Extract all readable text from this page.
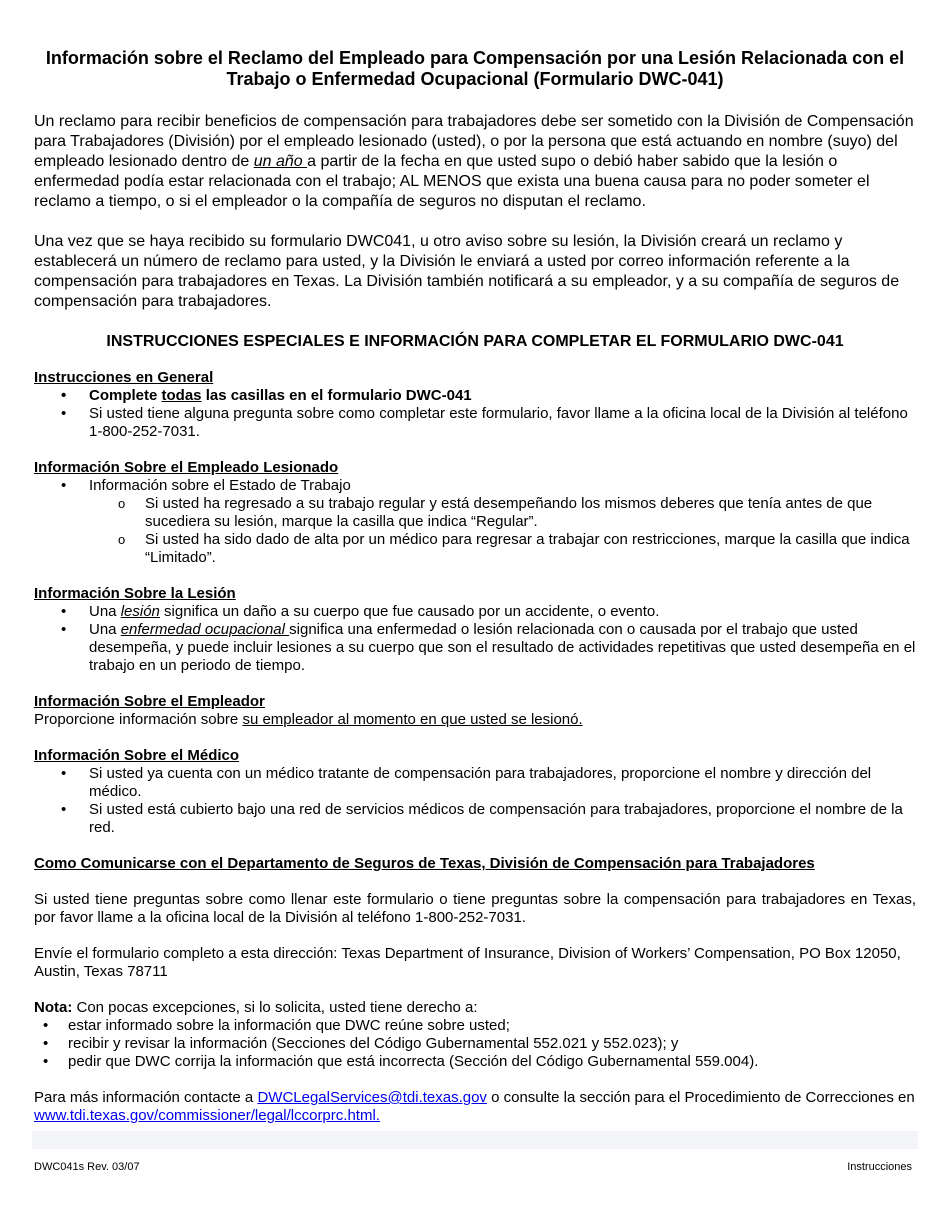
Información sobre el Reclamo del Empleado para Compensación por una Lesión Relacionada con el Trabajo o Enfermedad Ocupacional (Formulario DWC-041)

Un reclamo para recibir beneficios de compensación para trabajadores debe ser sometido con la División de Compensación para Trabajadores (División) por el empleado lesionado (usted), o por la persona que está actuando en nombre (suyo) del empleado lesionado dentro de un año a partir de la fecha en que usted supo o debió haber sabido que la lesión o enfermedad podía estar relacionada con el trabajo; AL MENOS que exista una buena causa para no poder someter el reclamo a tiempo, o si el empleador o la compañía de seguros no disputan el reclamo.

Una vez que se haya recibido su formulario DWC041, u otro aviso sobre su lesión, la División creará un reclamo y establecerá un número de reclamo para usted, y la División le enviará a usted por correo información referente a la compensación para trabajadores en Texas. La División también notificará a su empleador, y a su compañía de seguros de compensación para trabajadores.

INSTRUCCIONES ESPECIALES E INFORMACIÓN PARA COMPLETAR EL FORMULARIO DWC-041

Instrucciones en General

• Complete todas las casillas en el formulario DWC-041
• Si usted tiene alguna pregunta sobre como completar este formulario, favor llame a la oficina local de la División al teléfono 1-800-252-7031.

Información Sobre el Empleado Lesionado

• Información sobre el Estado de Trabajo
o Si usted ha regresado a su trabajo regular y está desempeñando los mismos deberes que tenía antes de que sucediera su lesión, marque la casilla que indica “Regular”.
o Si usted ha sido dado de alta por un médico para regresar a trabajar con restricciones, marque la casilla que indica “Limitado”.

Información Sobre la Lesión

• Una lesión significa un daño a su cuerpo que fue causado por un accidente, o evento.
• Una enfermedad ocupacional significa una enfermedad o lesión relacionada con o causada por el trabajo que usted desempeña, y puede incluir lesiones a su cuerpo que son el resultado de actividades repetitivas que usted desempeña en el trabajo en un periodo de tiempo.

Información Sobre el Empleador

Proporcione información sobre su empleador al momento en que usted se lesionó.

Información Sobre el Médico

• Si usted ya cuenta con un médico tratante de compensación para trabajadores, proporcione el nombre y dirección del médico.
• Si usted está cubierto bajo una red de servicios médicos de compensación para trabajadores, proporcione el nombre de la red.

Como Comunicarse con el Departamento de Seguros de Texas, División de Compensación para Trabajadores

Si usted tiene preguntas sobre como llenar este formulario o tiene preguntas sobre la compensación para trabajadores en Texas, por favor llame a la oficina local de la División al teléfono 1-800-252-7031.

Envíe el formulario completo a esta dirección: Texas Department of Insurance, Division of Workers’ Compensation, PO Box 12050, Austin, Texas 78711

Nota: Con pocas excepciones, si lo solicita, usted tiene derecho a:

• estar informado sobre la información que DWC reúne sobre usted;
• recibir y revisar la información (Secciones del Código Gubernamental 552.021 y 552.023); y
• pedir que DWC corrija la información que está incorrecta (Sección del Código Gubernamental 559.004).

Para más información contacte a DWCLegalServices@tdi.texas.gov o consulte la sección para el Procedimiento de Correcciones en www.tdi.texas.gov/commissioner/legal/lccorprc.html.

DWC041s Rev. 03/07	Instrucciones
